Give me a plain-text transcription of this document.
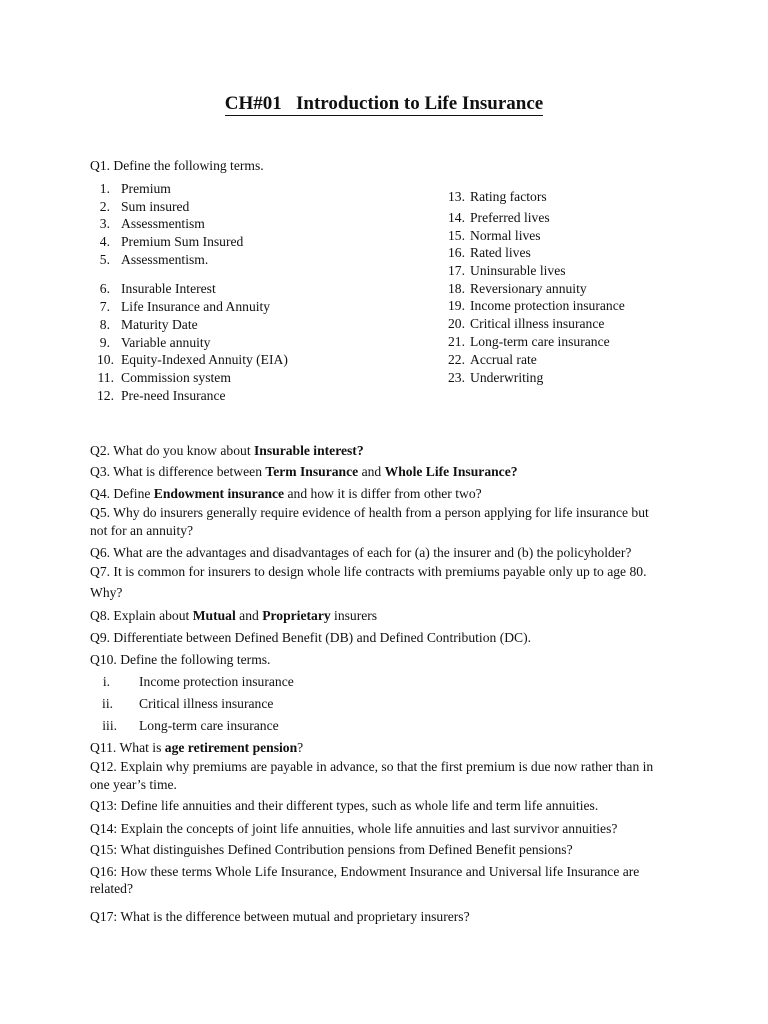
CH#01   Introduction to Life Insurance
Q1. Define the following terms.
1. Premium
2. Sum insured
3. Assessmentism
4. Premium Sum Insured
5. Assessmentism.
6. Insurable Interest
7. Life Insurance and Annuity
8. Maturity Date
9. Variable annuity
10. Equity-Indexed Annuity (EIA)
11. Commission system
12. Pre-need Insurance
13. Rating factors
14. Preferred lives
15. Normal lives
16. Rated lives
17. Uninsurable lives
18. Reversionary annuity
19. Income protection insurance
20. Critical illness insurance
21. Long-term care insurance
22. Accrual rate
23. Underwriting
Q2. What do you know about Insurable interest?
Q3. What is difference between Term Insurance and Whole Life Insurance?
Q4. Define Endowment insurance and how it is differ from other two?
Q5. Why do insurers generally require evidence of health from a person applying for life insurance but
not for an annuity?
Q6. What are the advantages and disadvantages of each for (a) the insurer and (b) the policyholder?
Q7. It is common for insurers to design whole life contracts with premiums payable only up to age 80.
Why?
Q8. Explain about Mutual and Proprietary insurers
Q9. Differentiate between Defined Benefit (DB) and Defined Contribution (DC).
Q10. Define the following terms.
i. Income protection insurance
ii. Critical illness insurance
iii. Long-term care insurance
Q11. What is age retirement pension?
Q12. Explain why premiums are payable in advance, so that the first premium is due now rather than in
one year’s time.
Q13: Define life annuities and their different types, such as whole life and term life annuities.
Q14: Explain the concepts of joint life annuities, whole life annuities and last survivor annuities?
Q15: What distinguishes Defined Contribution pensions from Defined Benefit pensions?
Q16: How these terms Whole Life Insurance, Endowment Insurance and Universal life Insurance are
related?
Q17: What is the difference between mutual and proprietary insurers?
